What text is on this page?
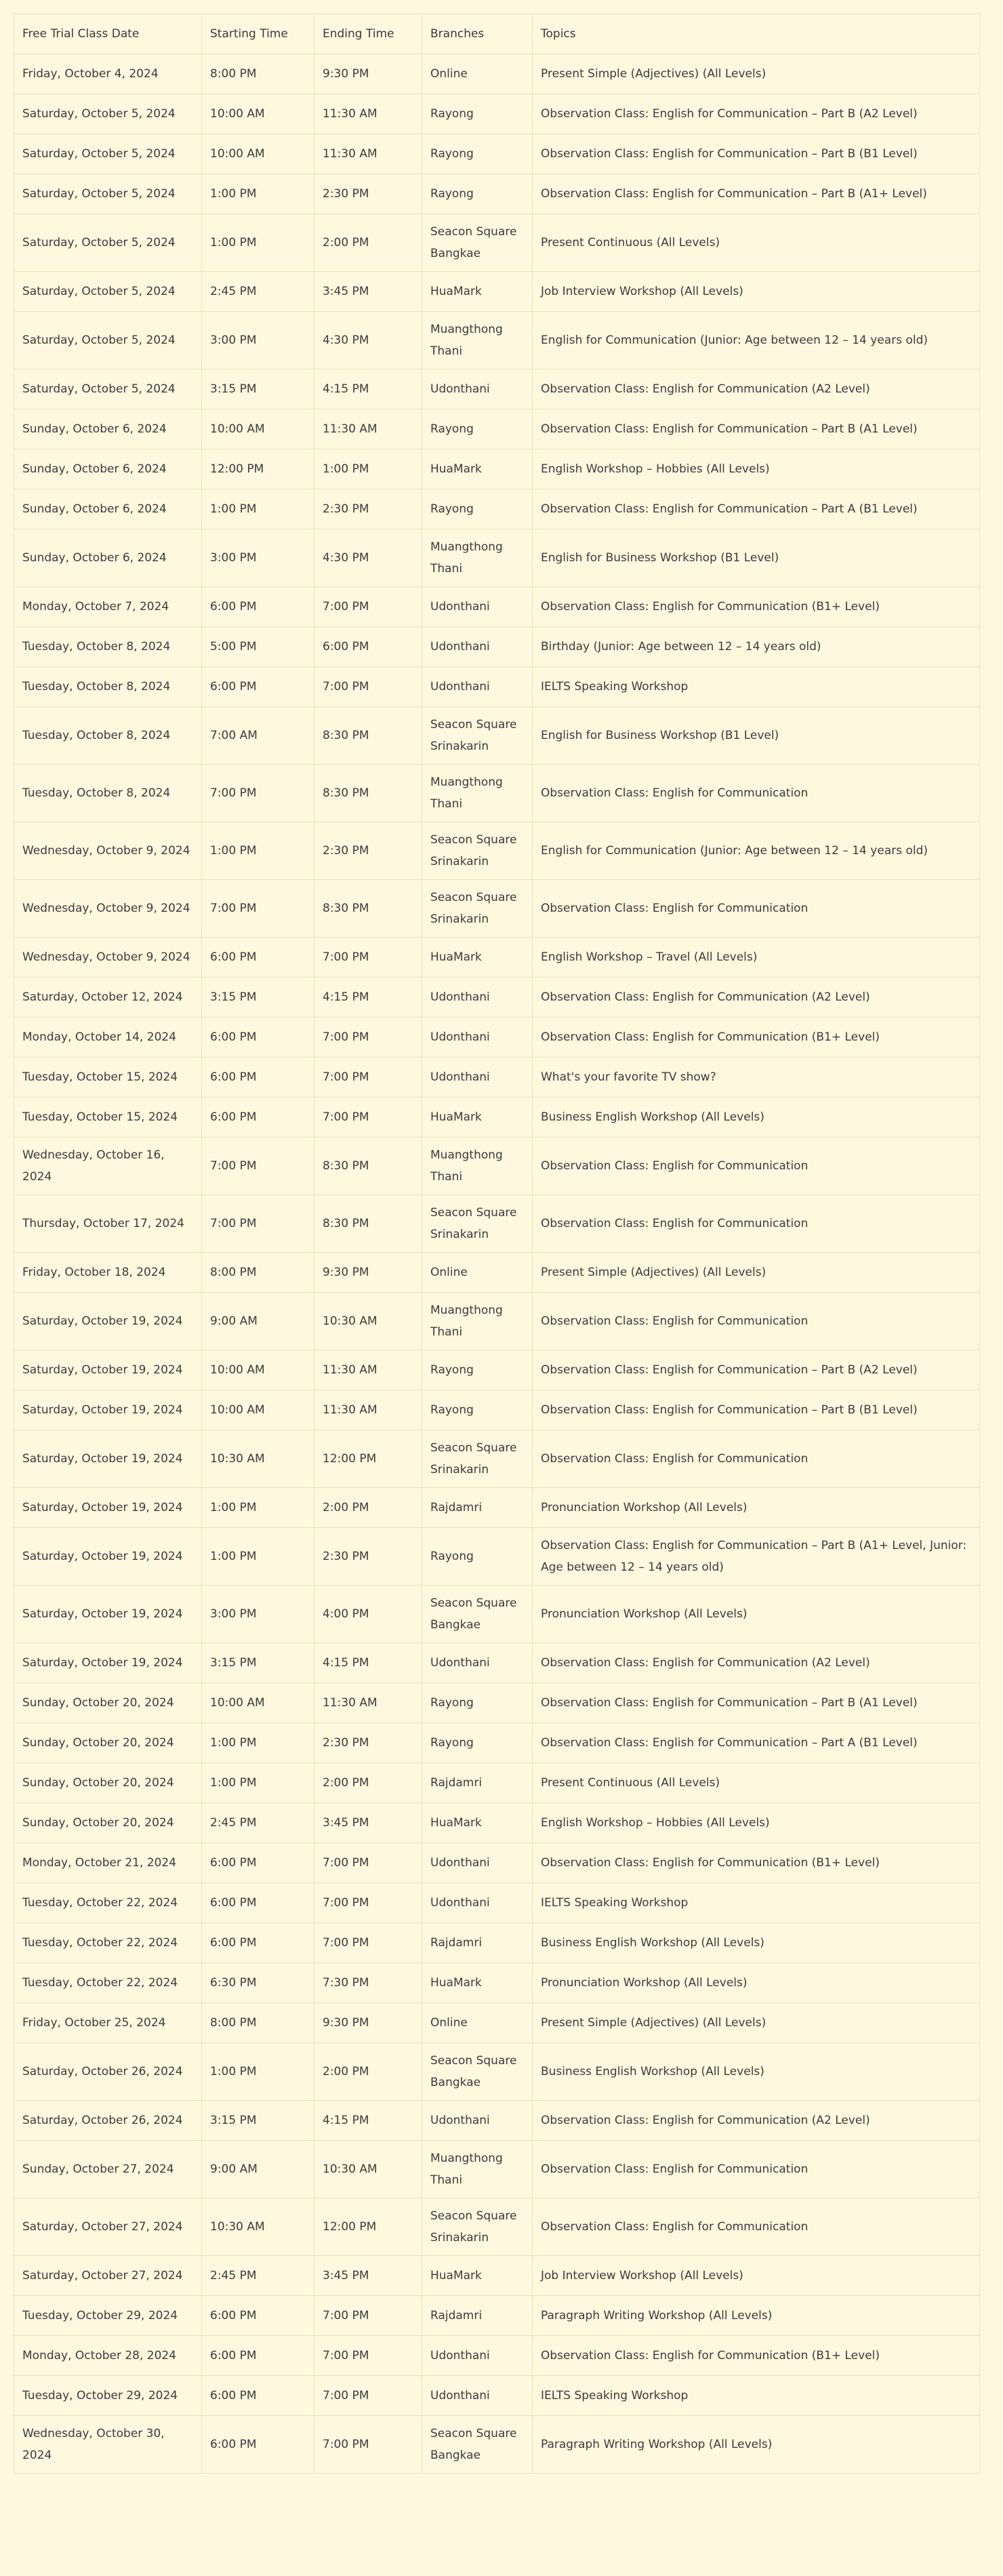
Free Trial Class Date	Starting Time	Ending Time	Branches	Topics
Friday, October 4, 2024	8:00 PM	9:30 PM	Online	Present Simple (Adjectives) (All Levels)
Saturday, October 5, 2024	10:00 AM	11:30 AM	Rayong	Observation Class: English for Communication – Part B (A2 Level)
Saturday, October 5, 2024	10:00 AM	11:30 AM	Rayong	Observation Class: English for Communication – Part B (B1 Level)
Saturday, October 5, 2024	1:00 PM	2:30 PM	Rayong	Observation Class: English for Communication – Part B (A1+ Level)
Saturday, October 5, 2024	1:00 PM	2:00 PM	Seacon Square Bangkae	Present Continuous (All Levels)
Saturday, October 5, 2024	2:45 PM	3:45 PM	HuaMark	Job Interview Workshop (All Levels)
Saturday, October 5, 2024	3:00 PM	4:30 PM	Muangthong Thani	English for Communication (Junior: Age between 12 – 14 years old)
Saturday, October 5, 2024	3:15 PM	4:15 PM	Udonthani	Observation Class: English for Communication (A2 Level)
Sunday, October 6, 2024	10:00 AM	11:30 AM	Rayong	Observation Class: English for Communication – Part B (A1 Level)
Sunday, October 6, 2024	12:00 PM	1:00 PM	HuaMark	English Workshop – Hobbies (All Levels)
Sunday, October 6, 2024	1:00 PM	2:30 PM	Rayong	Observation Class: English for Communication – Part A (B1 Level)
Sunday, October 6, 2024	3:00 PM	4:30 PM	Muangthong Thani	English for Business Workshop (B1 Level)
Monday, October 7, 2024	6:00 PM	7:00 PM	Udonthani	Observation Class: English for Communication (B1+ Level)
Tuesday, October 8, 2024	5:00 PM	6:00 PM	Udonthani	Birthday (Junior: Age between 12 – 14 years old)
Tuesday, October 8, 2024	6:00 PM	7:00 PM	Udonthani	IELTS Speaking Workshop
Tuesday, October 8, 2024	7:00 AM	8:30 PM	Seacon Square Srinakarin	English for Business Workshop (B1 Level)
Tuesday, October 8, 2024	7:00 PM	8:30 PM	Muangthong Thani	Observation Class: English for Communication
Wednesday, October 9, 2024	1:00 PM	2:30 PM	Seacon Square Srinakarin	English for Communication (Junior: Age between 12 – 14 years old)
Wednesday, October 9, 2024	7:00 PM	8:30 PM	Seacon Square Srinakarin	Observation Class: English for Communication
Wednesday, October 9, 2024	6:00 PM	7:00 PM	HuaMark	English Workshop – Travel (All Levels)
Saturday, October 12, 2024	3:15 PM	4:15 PM	Udonthani	Observation Class: English for Communication (A2 Level)
Monday, October 14, 2024	6:00 PM	7:00 PM	Udonthani	Observation Class: English for Communication (B1+ Level)
Tuesday, October 15, 2024	6:00 PM	7:00 PM	Udonthani	What's your favorite TV show?
Tuesday, October 15, 2024	6:00 PM	7:00 PM	HuaMark	Business English Workshop (All Levels)
Wednesday, October 16, 2024	7:00 PM	8:30 PM	Muangthong Thani	Observation Class: English for Communication
Thursday, October 17, 2024	7:00 PM	8:30 PM	Seacon Square Srinakarin	Observation Class: English for Communication
Friday, October 18, 2024	8:00 PM	9:30 PM	Online	Present Simple (Adjectives) (All Levels)
Saturday, October 19, 2024	9:00 AM	10:30 AM	Muangthong Thani	Observation Class: English for Communication
Saturday, October 19, 2024	10:00 AM	11:30 AM	Rayong	Observation Class: English for Communication – Part B (A2 Level)
Saturday, October 19, 2024	10:00 AM	11:30 AM	Rayong	Observation Class: English for Communication – Part B (B1 Level)
Saturday, October 19, 2024	10:30 AM	12:00 PM	Seacon Square Srinakarin	Observation Class: English for Communication
Saturday, October 19, 2024	1:00 PM	2:00 PM	Rajdamri	Pronunciation Workshop (All Levels)
Saturday, October 19, 2024	1:00 PM	2:30 PM	Rayong	Observation Class: English for Communication – Part B (A1+ Level, Junior: Age between 12 – 14 years old)
Saturday, October 19, 2024	3:00 PM	4:00 PM	Seacon Square Bangkae	Pronunciation Workshop (All Levels)
Saturday, October 19, 2024	3:15 PM	4:15 PM	Udonthani	Observation Class: English for Communication (A2 Level)
Sunday, October 20, 2024	10:00 AM	11:30 AM	Rayong	Observation Class: English for Communication – Part B (A1 Level)
Sunday, October 20, 2024	1:00 PM	2:30 PM	Rayong	Observation Class: English for Communication – Part A (B1 Level)
Sunday, October 20, 2024	1:00 PM	2:00 PM	Rajdamri	Present Continuous (All Levels)
Sunday, October 20, 2024	2:45 PM	3:45 PM	HuaMark	English Workshop – Hobbies (All Levels)
Monday, October 21, 2024	6:00 PM	7:00 PM	Udonthani	Observation Class: English for Communication (B1+ Level)
Tuesday, October 22, 2024	6:00 PM	7:00 PM	Udonthani	IELTS Speaking Workshop
Tuesday, October 22, 2024	6:00 PM	7:00 PM	Rajdamri	Business English Workshop (All Levels)
Tuesday, October 22, 2024	6:30 PM	7:30 PM	HuaMark	Pronunciation Workshop (All Levels)
Friday, October 25, 2024	8:00 PM	9:30 PM	Online	Present Simple (Adjectives) (All Levels)
Saturday, October 26, 2024	1:00 PM	2:00 PM	Seacon Square Bangkae	Business English Workshop (All Levels)
Saturday, October 26, 2024	3:15 PM	4:15 PM	Udonthani	Observation Class: English for Communication (A2 Level)
Sunday, October 27, 2024	9:00 AM	10:30 AM	Muangthong Thani	Observation Class: English for Communication
Saturday, October 27, 2024	10:30 AM	12:00 PM	Seacon Square Srinakarin	Observation Class: English for Communication
Saturday, October 27, 2024	2:45 PM	3:45 PM	HuaMark	Job Interview Workshop (All Levels)
Tuesday, October 29, 2024	6:00 PM	7:00 PM	Rajdamri	Paragraph Writing Workshop (All Levels)
Monday, October 28, 2024	6:00 PM	7:00 PM	Udonthani	Observation Class: English for Communication (B1+ Level)
Tuesday, October 29, 2024	6:00 PM	7:00 PM	Udonthani	IELTS Speaking Workshop
Wednesday, October 30, 2024	6:00 PM	7:00 PM	Seacon Square Bangkae	Paragraph Writing Workshop (All Levels)
